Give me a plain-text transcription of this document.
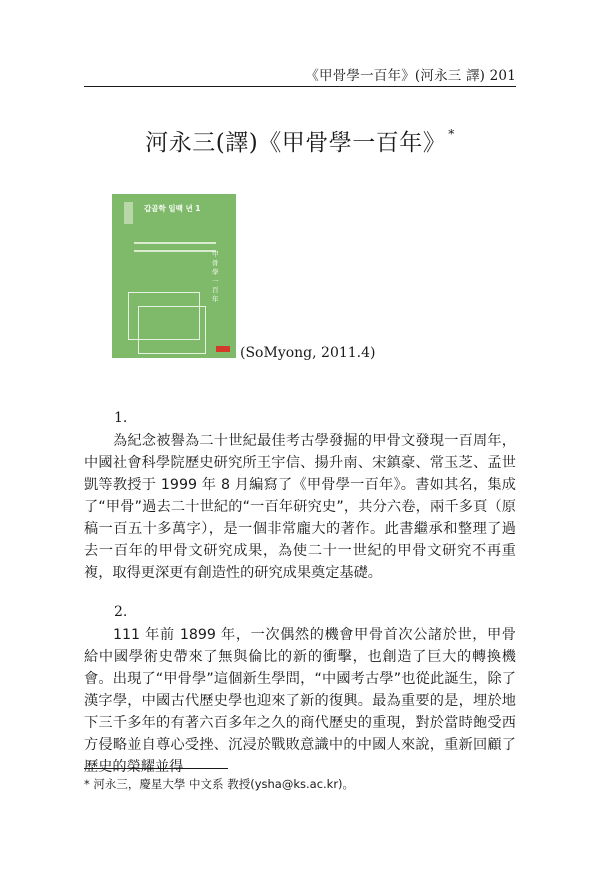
《甲骨學一百年》(河永三 譯) 201
河永三(譯)《甲骨學一百年》 *
갑골학 일백 년 1
甲骨學一百年
(SoMyong, 2011.4)
1.

為紀念被譽為二十世紀最佳考古學發掘的甲骨文發現一百周年，中國社會科學院歷史研究所王宇信、揚升南、宋鎮豪、常玉芝、孟世凱等教授于 1999 年 8 月編寫了《甲骨學一百年》。書如其名，集成了“甲骨”過去二十世紀的“一百年研究史”，共分六卷，兩千多頁（原稿一百五十多萬字），是一個非常龐大的著作。此書繼承和整理了過去一百年的甲骨文研究成果，為使二十一世紀的甲骨文研究不再重複，取得更深更有創造性的研究成果奠定基礎。

2.

111 年前 1899 年，一次偶然的機會甲骨首次公諸於世，甲骨給中國學術史帶來了無與倫比的新的衝擊，也創造了巨大的轉換機會。出現了“甲骨學”這個新生學問，“中國考古學”也從此誕生，除了漢字學，中國古代歷史學也迎來了新的復興。最為重要的是，埋於地下三千多年的有著六百多年之久的商代歷史的重現，對於當時飽受西方侵略並自尊心受挫、沉浸於戰敗意識中的中國人來說，重新回顧了歷史的榮耀並得

* 河永三，慶星大學 中文系 教授(ysha@ks.ac.kr)。
